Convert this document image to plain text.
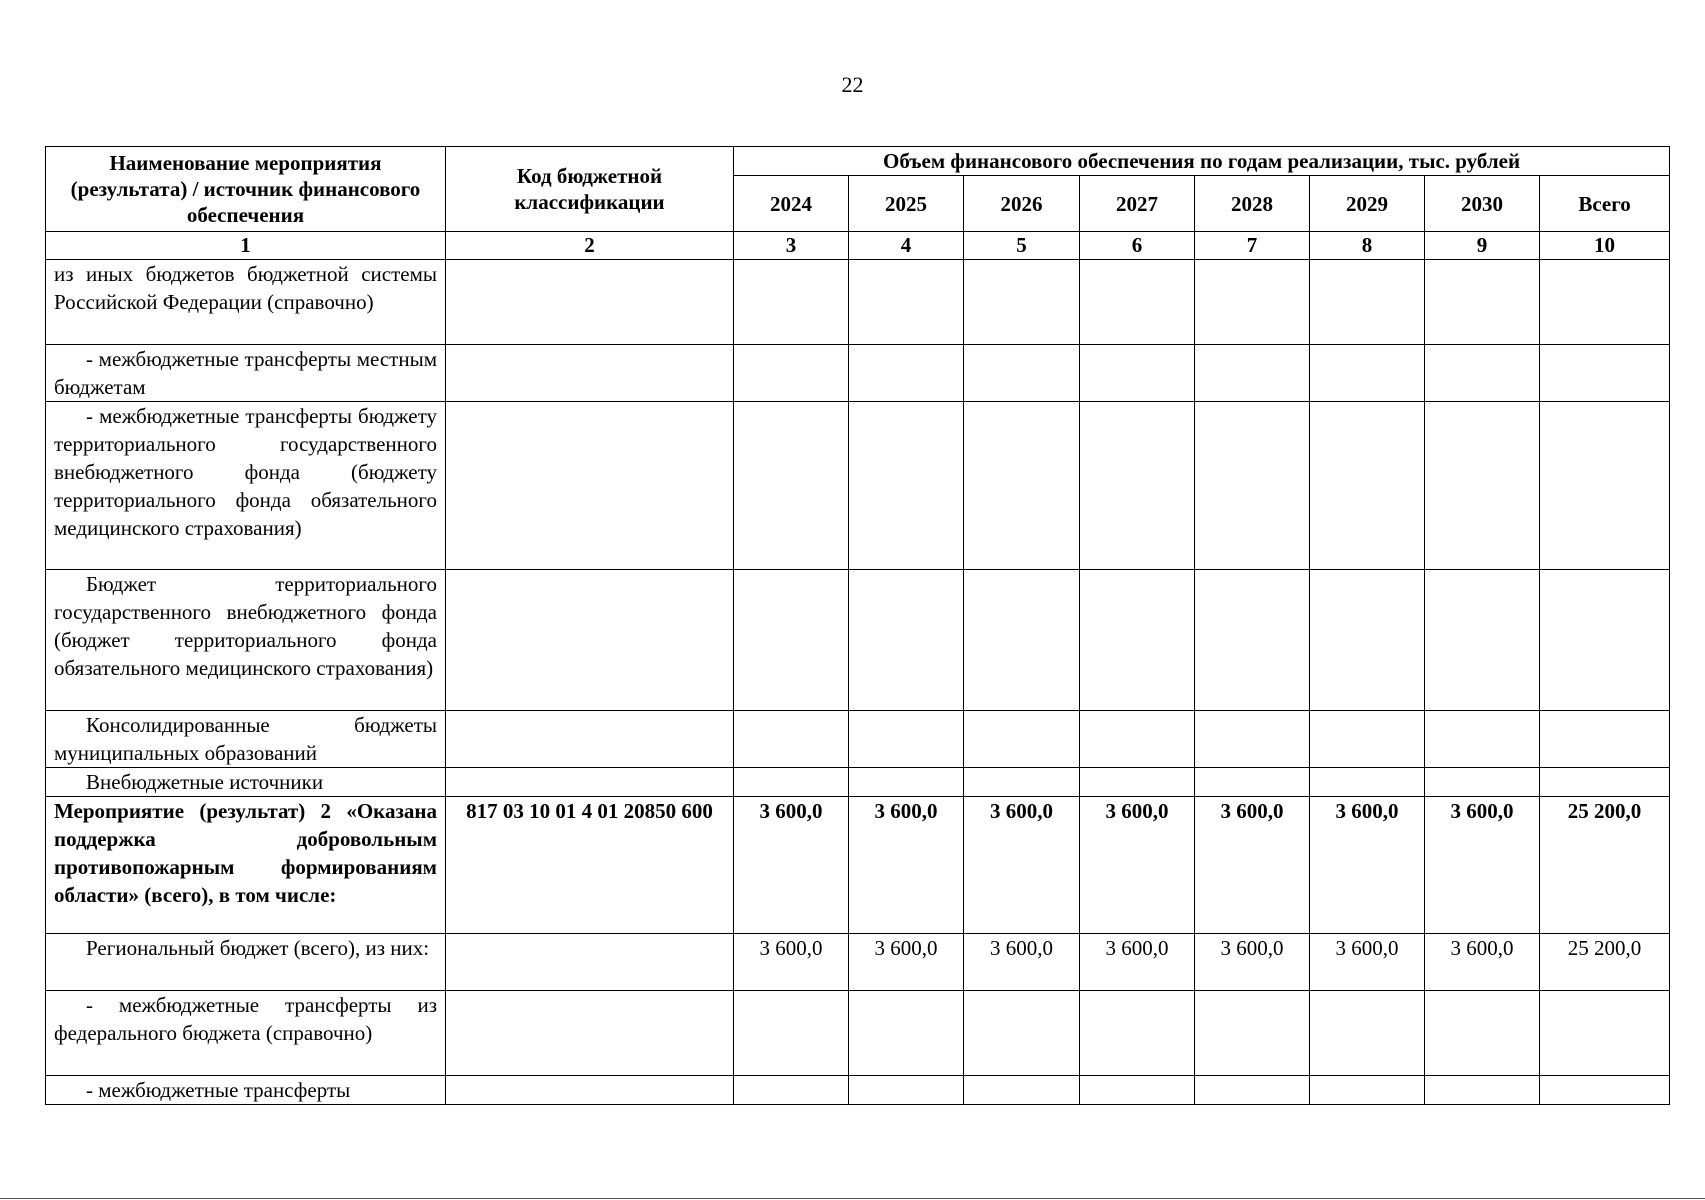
22
Наименование мероприятия (результата) / источник финансового обеспечения	Код бюджетной классификации	Объем финансового обеспечения по годам реализации, тыс. рублей							
		2024	2025	2026	2027	2028	2029	2030	Всего
1	2	3	4	5	6	7	8	9	10
из иных бюджетов бюджетной системы Российской Федерации (справочно)									
- межбюджетные трансферты местным бюджетам									
- межбюджетные трансферты бюджету территориального государственного внебюджетного фонда (бюджету территориального фонда обязательного медицинского страхования)									
Бюджет территориального государственного внебюджетного фонда (бюджет территориального фонда обязательного медицинского страхования)									
Консолидированные бюджеты муниципальных образований									
Внебюджетные источники									
Мероприятие (результат) 2 «Оказана поддержка добровольным противопожарным формированиям области» (всего), в том числе:	817 03 10 01 4 01 20850 600	3 600,0	3 600,0	3 600,0	3 600,0	3 600,0	3 600,0	3 600,0	25 200,0
Региональный бюджет (всего), из них:		3 600,0	3 600,0	3 600,0	3 600,0	3 600,0	3 600,0	3 600,0	25 200,0
- межбюджетные трансферты из федерального бюджета (справочно)									
- межбюджетные трансферты									
